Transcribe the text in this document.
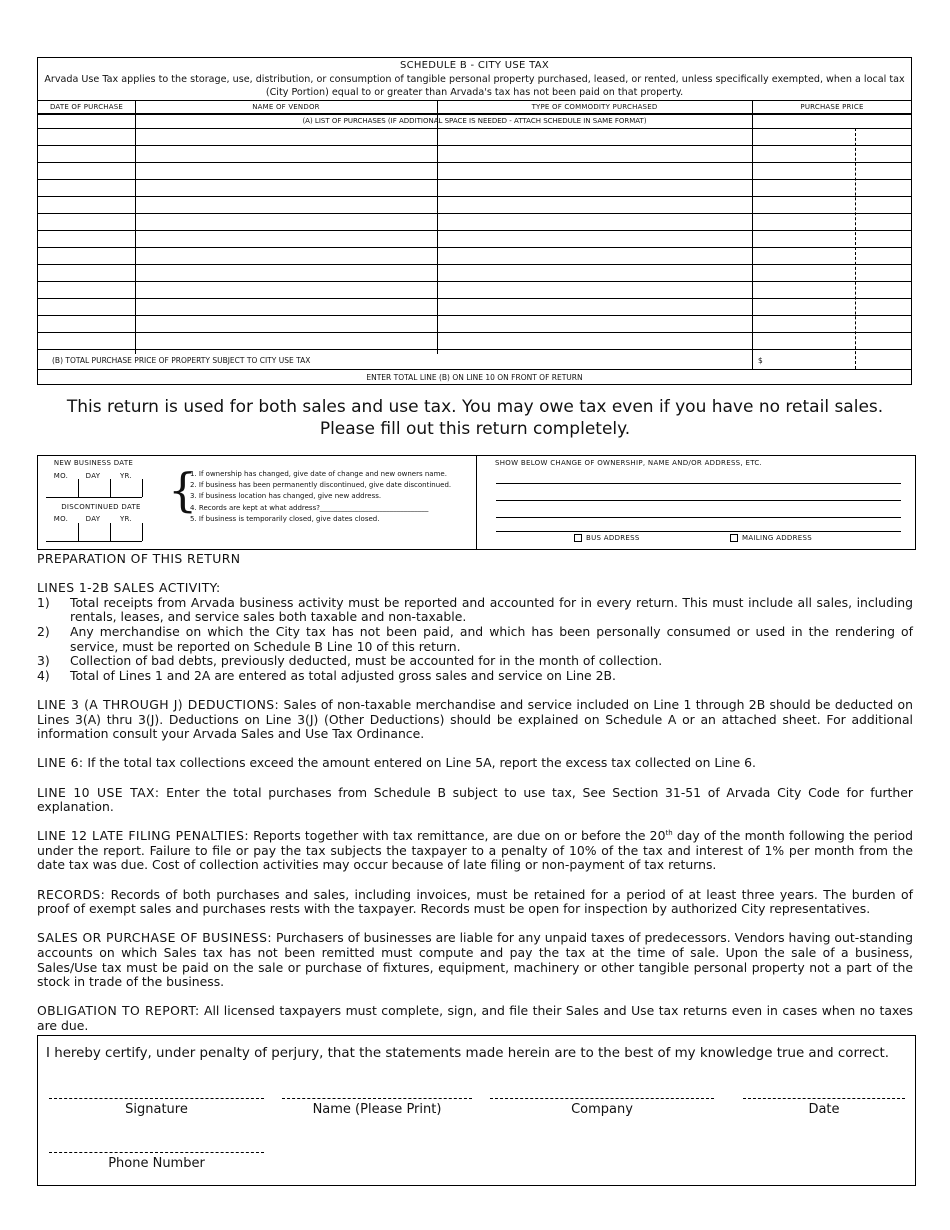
SCHEDULE B - CITY USE TAX
Arvada Use Tax applies to the storage, use, distribution, or consumption of tangible personal property purchased, leased, or rented, unless specifically exempted, when a local tax (City Portion) equal to or greater than Arvada's tax has not been paid on that property.
DATE OF PURCHASE	NAME OF VENDOR	TYPE OF COMMODITY PURCHASED	PURCHASE PRICE
(A) LIST OF PURCHASES (IF ADDITIONAL SPACE IS NEEDED - ATTACH SCHEDULE IN SAME FORMAT)
(B) TOTAL PURCHASE PRICE OF PROPERTY SUBJECT TO CITY USE TAX	$
ENTER TOTAL LINE (B) ON LINE 10 ON FRONT OF RETURN
This return is used for both sales and use tax. You may owe tax even if you have no retail sales.
Please fill out this return completely.
NEW BUSINESS DATE
MO.	DAY	YR.
DISCONTINUED DATE
MO.	DAY	YR.
{
1. If ownership has changed, give date of change and new owners name.
2. If business has been permanently discontinued, give date discontinued.
3. If business location has changed, give new address.
4. Records are kept at what address?_______________________________
5. If business is temporarily closed, give dates closed.
SHOW BELOW CHANGE OF OWNERSHIP, NAME AND/OR ADDRESS, ETC.
BUS ADDRESS	MAILING ADDRESS

PREPARATION OF THIS RETURN

LINES 1-2B SALES ACTIVITY:

1) Total receipts from Arvada business activity must be reported and accounted for in every return. This must include all sales, including rentals, leases, and service sales both taxable and non-taxable.
2) Any merchandise on which the City tax has not been paid, and which has been personally consumed or used in the rendering of service, must be reported on Schedule B Line 10 of this return.
3) Collection of bad debts, previously deducted, must be accounted for in the month of collection.
4) Total of Lines 1 and 2A are entered as total adjusted gross sales and service on Line 2B.

LINE 3 (A THROUGH J) DEDUCTIONS: Sales of non-taxable merchandise and service included on Line 1 through 2B should be deducted on Lines 3(A) thru 3(J). Deductions on Line 3(J) (Other Deductions) should be explained on Schedule A or an attached sheet. For additional information consult your Arvada Sales and Use Tax Ordinance.

LINE 6: If the total tax collections exceed the amount entered on Line 5A, report the excess tax collected on Line 6.

LINE 10 USE TAX: Enter the total purchases from Schedule B subject to use tax, See Section 31-51 of Arvada City Code for further explanation.

LINE 12 LATE FILING PENALTIES: Reports together with tax remittance, are due on or before the 20th day of the month following the period under the report. Failure to file or pay the tax subjects the taxpayer to a penalty of 10% of the tax and interest of 1% per month from the date tax was due. Cost of collection activities may occur because of late filing or non-payment of tax returns.

RECORDS: Records of both purchases and sales, including invoices, must be retained for a period of at least three years. The burden of proof of exempt sales and purchases rests with the taxpayer. Records must be open for inspection by authorized City representatives.

SALES OR PURCHASE OF BUSINESS: Purchasers of businesses are liable for any unpaid taxes of predecessors. Vendors having out-standing accounts on which Sales tax has not been remitted must compute and pay the tax at the time of sale. Upon the sale of a business, Sales/Use tax must be paid on the sale or purchase of fixtures, equipment, machinery or other tangible personal property not a part of the stock in trade of the business.

OBLIGATION TO REPORT: All licensed taxpayers must complete, sign, and file their Sales and Use tax returns even in cases when no taxes are due.

I hereby certify, under penalty of perjury, that the statements made herein are to the best of my knowledge true and correct.
Signature	Name (Please Print)	Company	Date
Phone Number
